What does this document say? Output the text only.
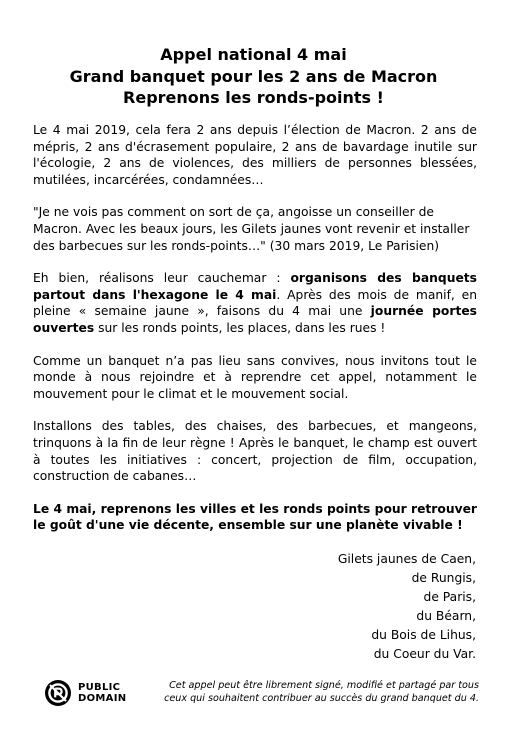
Appel national 4 mai
Grand banquet pour les 2 ans de Macron
Reprenons les ronds-points !

Le 4 mai 2019, cela fera 2 ans depuis l’élection de Macron. 2 ans de mépris, 2 ans d'écrasement populaire, 2 ans de bavardage inutile sur l'écologie, 2 ans de violences, des milliers de personnes blessées, mutilées, incarcérées, condamnées…

"Je ne vois pas comment on sort de ça, angoisse un conseiller de Macron. Avec les beaux jours, les Gilets jaunes vont revenir et installer des barbecues sur les ronds-points…" (30 mars 2019, Le Parisien)

Eh bien, réalisons leur cauchemar : organisons des banquets partout dans l'hexagone le 4 mai. Après des mois de manif, en pleine « semaine jaune », faisons du 4 mai une journée portes ouvertes sur les ronds points, les places, dans les rues !

Comme un banquet n’a pas lieu sans convives, nous invitons tout le monde à nous rejoindre et à reprendre cet appel, notamment le mouvement pour le climat et le mouvement social.

Installons des tables, des chaises, des barbecues, et mangeons, trinquons à la fin de leur règne ! Après le banquet, le champ est ouvert à toutes les initiatives : concert, projection de film, occupation, construction de cabanes…

Le 4 mai, reprenons les villes et les ronds points pour retrouver le goût d'une vie décente, ensemble sur une planète vivable !

Gilets jaunes de Caen,
de Rungis,
de Paris,
du Béarn,
du Bois de Lihus,
du Coeur du Var.
PUBLIC
DOMAIN
Cet appel peut être librement signé, modifié et partagé par tous
ceux qui souhaitent contribuer au succès du grand banquet du 4.
